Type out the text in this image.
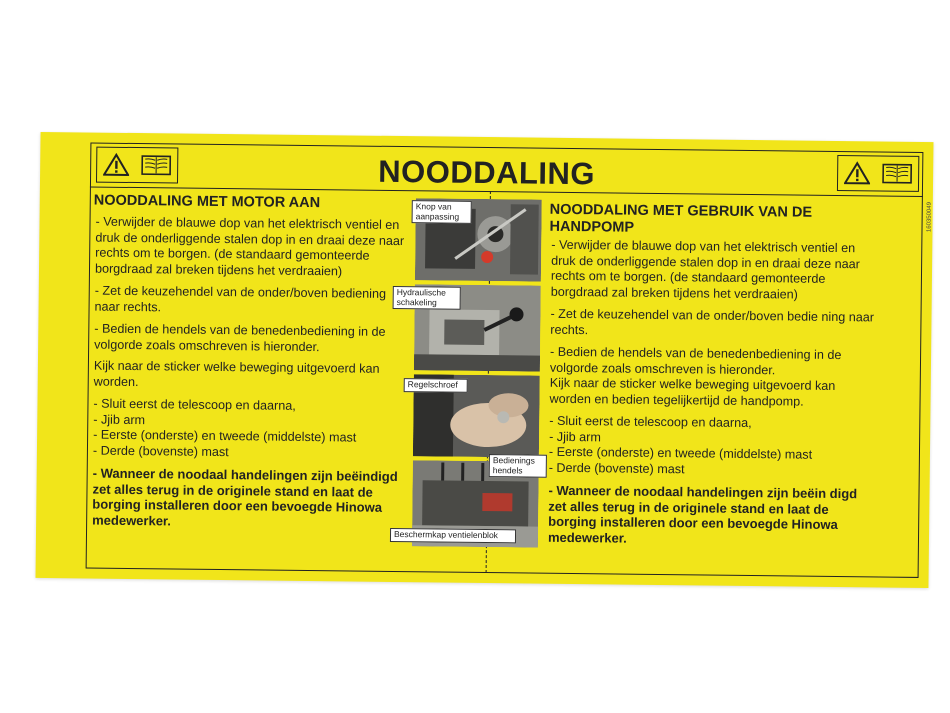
NOODDALING
160350049
NOODDALING MET MOTOR AAN

- Verwijder de blauwe dop van het elektrisch ventiel en druk de onderliggende stalen dop in en draai deze naar rechts om te borgen. (de standaard gemonteerde borgdraad zal breken tijdens het verdraaien)

- Zet de keuzehendel van de onder/boven bediening naar rechts.

- Bedien de hendels van de benedenbediening in de volgorde zoals omschreven is hieronder.

Kijk naar de sticker welke beweging uitgevoerd kan worden.

- Sluit eerst de telescoop en daarna,

- Jjib arm

- Eerste (onderste) en tweede (middelste) mast

- Derde (bovenste) mast

- Wanneer de noodaal handelingen zijn beëindigd zet alles terug in de originele stand en laat de borging installeren door een bevoegde Hinowa medewerker.

Knop van aanpassing
Hydraulische schakeling
Regelschroef
Bedienings hendels
Beschermkap ventielenblok
NOODDALING MET GEBRUIK VAN DE HANDPOMP

- Verwijder de blauwe dop van het elektrisch ventiel en druk de onderliggende stalen dop in en draai deze naar rechts om te borgen. (de standaard gemonteerde borgdraad zal breken tijdens het verdraaien)

- Zet de keuzehendel van de onder/boven bedie ning naar rechts.

- Bedien de hendels van de benedenbediening in de volgorde zoals omschreven is hieronder.

Kijk naar de sticker welke beweging uitgevoerd kan worden en bedien tegelijkertijd de handpomp.

- Sluit eerst de telescoop en daarna,

- Jjib arm

- Eerste (onderste) en tweede (middelste) mast

- Derde (bovenste) mast

- Wanneer de noodaal handelingen zijn beëin digd zet alles terug in de originele stand en laat de borging installeren door een bevoegde Hinowa medewerker.
